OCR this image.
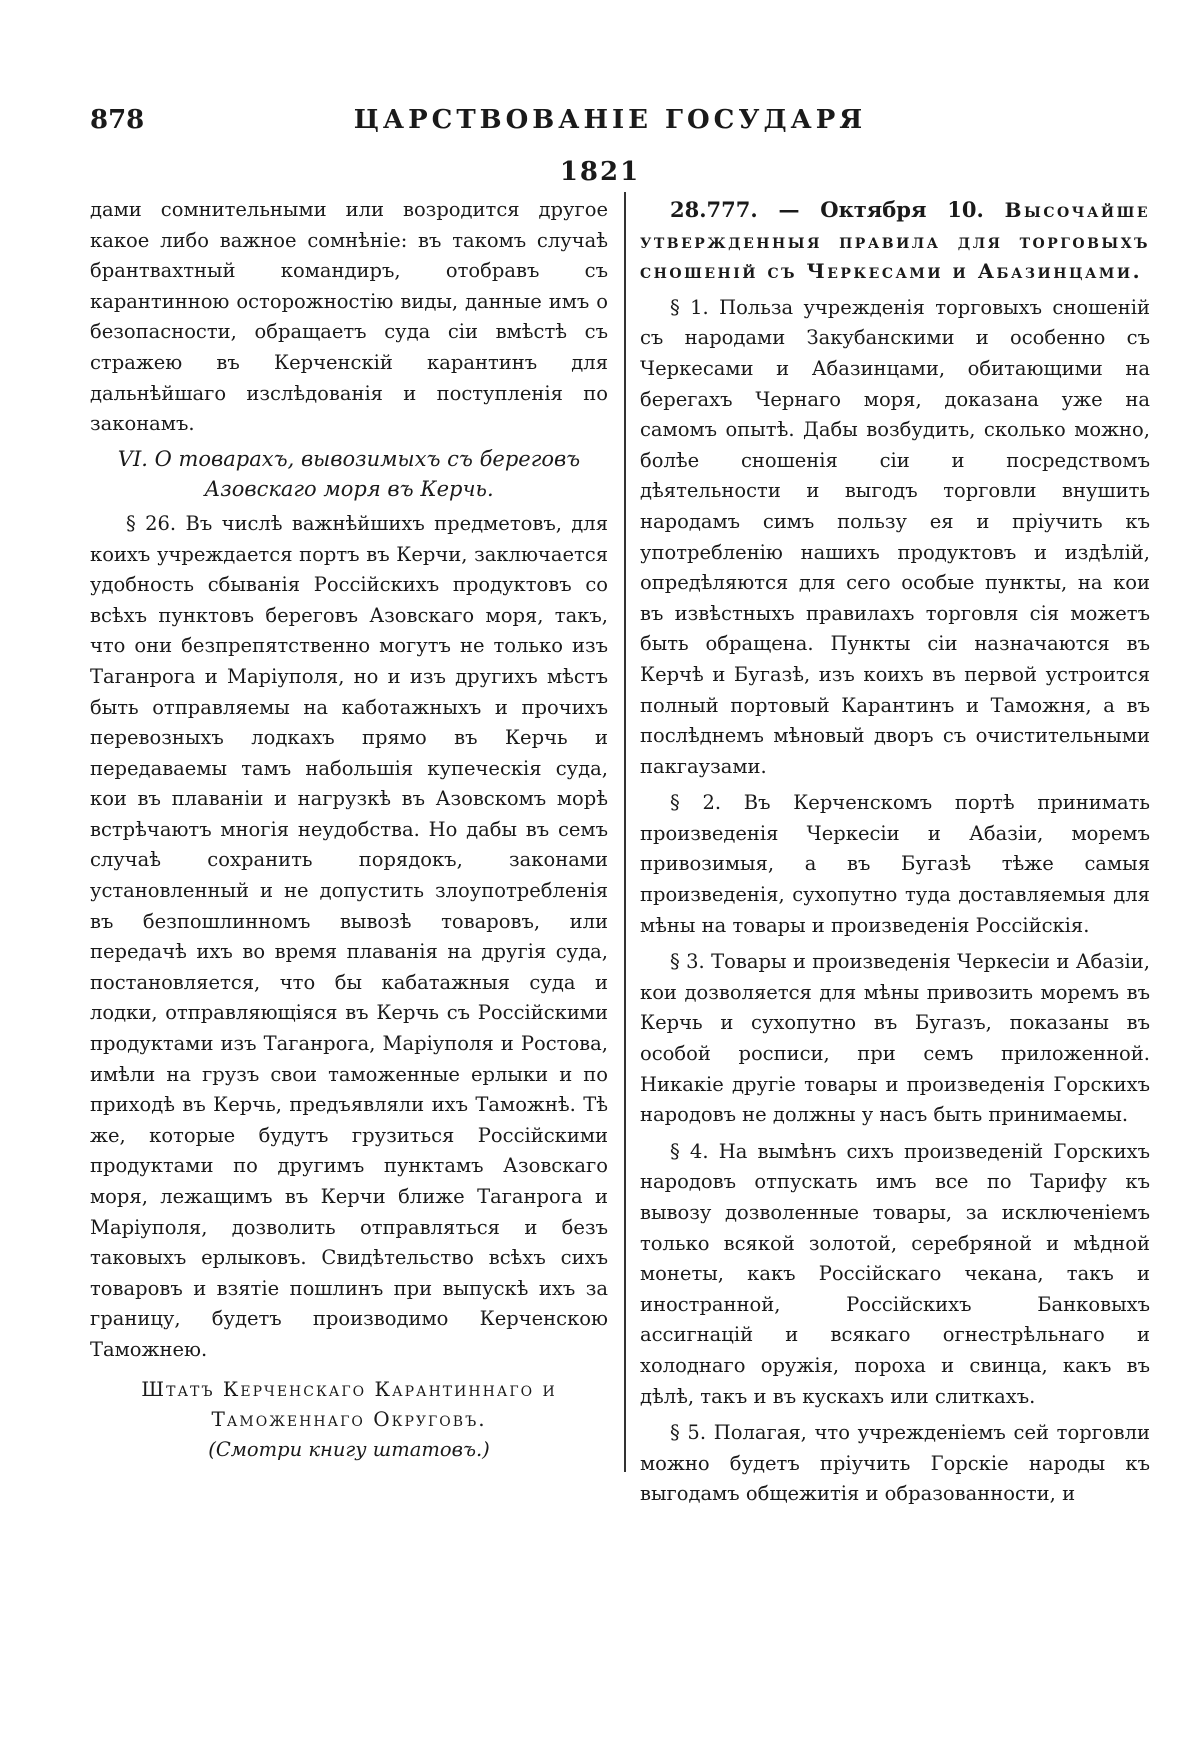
878	ЦАРСТВОВАНІЕ ГОСУДАРЯ
1821

дами сомнительными или возродится другое какое либо важное сомнѣніе: въ такомъ случаѣ брантвахтный командиръ, отобравъ съ карантинною осторожностію виды, данные имъ о безопасности, обращаетъ суда сіи вмѣстѣ съ стражею въ Керченскій карантинъ для дальнѣйшаго изслѣдованія и поступленія по законамъ.

VI. О товарахъ, вывозимыхъ съ береговъ
Азовскаго моря въ Керчь.

§ 26. Въ числѣ важнѣйшихъ предметовъ, для коихъ учреждается портъ въ Керчи, заключается удобность сбыванія Россійскихъ продуктовъ со всѣхъ пунктовъ береговъ Азовскаго моря, такъ, что они безпрепятственно могутъ не только изъ Таганрога и Маріуполя, но и изъ другихъ мѣстъ быть отправляемы на каботажныхъ и прочихъ перевозныхъ лодкахъ прямо въ Керчь и передаваемы тамъ набольшія купеческія суда, кои въ плаваніи и нагрузкѣ въ Азовскомъ морѣ встрѣчаютъ многія неудобства. Но дабы въ семъ случаѣ сохранить порядокъ, законами установленный и не допустить злоупотребленія въ безпошлинномъ вывозѣ товаровъ, или передачѣ ихъ во время плаванія на другія суда, постановляется, что бы кабатажныя суда и лодки, отправляющіяся въ Керчь съ Россійскими продуктами изъ Таганрога, Маріуполя и Ростова, имѣли на грузъ свои таможенные ерлыки и по приходѣ въ Керчь, предъявляли ихъ Таможнѣ. Тѣ же, которые будутъ грузиться Россійскими продуктами по другимъ пунктамъ Азовскаго моря, лежащимъ въ Керчи ближе Таганрога и Маріуполя, дозволить отправляться и безъ таковыхъ ерлыковъ. Свидѣтельство всѣхъ сихъ товаровъ и взятіе пошлинъ при выпускѣ ихъ за границу, будетъ производимо Керченскою Таможнею.

Штатъ Керченскаго Карантиннаго и
Таможеннаго Округовъ.

(Смотри книгу штатовъ.)

28.777. — Октября 10. Высочайше утвержденныя правила для торговыхъ сношеній съ Черкесами и Абазинцами.

§ 1. Польза учрежденія торговыхъ сношеній съ народами Закубанскими и особенно съ Черкесами и Абазинцами, обитающими на берегахъ Чернаго моря, доказана уже на самомъ опытѣ. Дабы возбудить, сколько можно, болѣе сношенія сіи и посредствомъ дѣятельности и выгодъ торговли внушить народамъ симъ пользу ея и пріучить къ употребленію нашихъ продуктовъ и издѣлій, опредѣляются для сего особые пункты, на кои въ извѣстныхъ правилахъ торговля сія можетъ быть обращена. Пункты сіи назначаются въ Керчѣ и Бугазѣ, изъ коихъ въ первой устроится полный портовый Карантинъ и Таможня, а въ послѣднемъ мѣновый дворъ съ очистительными пакгаузами.

§ 2. Въ Керченскомъ портѣ принимать произведенія Черкесіи и Абазіи, моремъ привозимыя, а въ Бугазѣ тѣже самыя произведенія, сухопутно туда доставляемыя для мѣны на товары и произведенія Россійскія.

§ 3. Товары и произведенія Черкесіи и Абазіи, кои дозволяется для мѣны привозить моремъ въ Керчь и сухопутно въ Бугазъ, показаны въ особой росписи, при семъ приложенной. Никакіе другіе товары и произведенія Горскихъ народовъ не должны у насъ быть принимаемы.

§ 4. На вымѣнъ сихъ произведеній Горскихъ народовъ отпускать имъ все по Тарифу къ вывозу дозволенные товары, за исключеніемъ только всякой золотой, серебряной и мѣдной монеты, какъ Россійскаго чекана, такъ и иностранной, Россійскихъ Банковыхъ ассигнацій и всякаго огнестрѣльнаго и холоднаго оружія, пороха и свинца, какъ въ дѣлѣ, такъ и въ кускахъ или слиткахъ.

§ 5. Полагая, что учрежденіемъ сей торговли можно будетъ пріучить Горскіе народы къ выгодамъ общежитія и образованности, и
